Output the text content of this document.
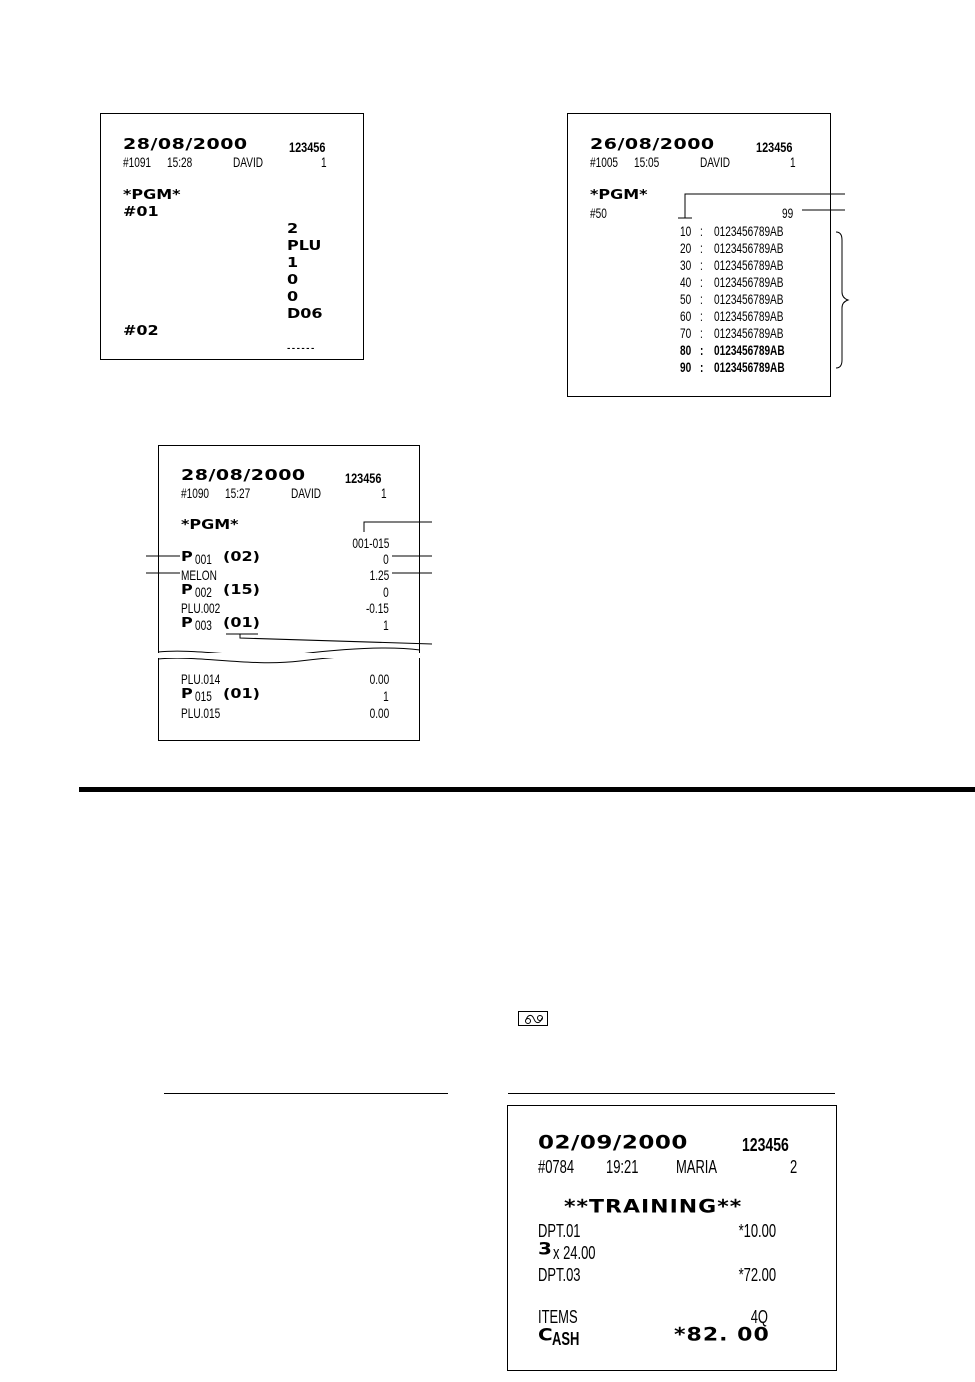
28/08/2000	123456
#1091 15:28	DAVID	1
*PGM*
#01
2
PLU
1
0
0
D06
#02
------
26/08/2000	123456
#1005 15:05	DAVID	1
*PGM*
#50	99
10 : 0123456789AB
20 : 0123456789AB
30 : 0123456789AB
40 : 0123456789AB
50 : 0123456789AB
60 : 0123456789AB
70 : 0123456789AB
80 : 0123456789AB
90 : 0123456789AB
28/08/2000	123456
#1090 15:27	DAVID	1
*PGM*
001-015
P 001 (02)	0
MELON	1.25
P 002 (15)	0
PLU.002	-0.15
P 003 (01)	1
PLU.014	0.00
P 015 (01)	1
PLU.015	0.00
02/09/2000	123456
#0784 19:21 MARIA	2
**TRAINING**
DPT.01	*10.00
3 x 24.00
DPT.03	*72.00
ITEMS	4Q
C ASH	*82. 00
